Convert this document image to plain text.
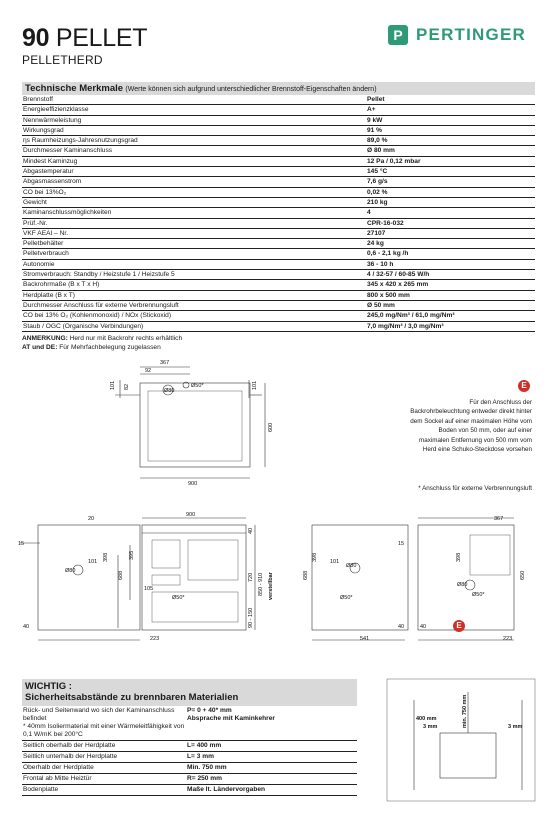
90 PELLET
PELLETHERD
P PERTINGER
Technische Merkmale (Werte können sich aufgrund unterschiedlicher Brennstoff-Eigenschaften ändern)
Brennstoff	Pellet
Energieeffizienzklasse	A+
Nennwärmeleistung	9 kW
Wirkungsgrad	91 %
ηs Raumheizungs-Jahresnutzungsgrad	89,0 %
Durchmesser Kaminanschluss	Ø 80 mm
Mindest Kaminzug	12 Pa / 0,12 mbar
Abgastemperatur	145 °C
Abgasmassenstrom	7,6 g/s
CO bei 13%O₂	0,02 %
Gewicht	210 kg
Kaminanschlussmöglichkeiten	4
Prüf.-Nr.	CPR-16-032
VKF AEAI – Nr.	27107
Pelletbehälter	24 kg
Pelletverbrauch	0,6 - 2,1 kg /h
Autonomie	36 - 10 h
Stromverbrauch: Standby / Heizstufe 1 / Heizstufe 5	4 / 32-57 / 60-85 W/h
Backrohrmaße (B x T x H)	345 x 420 x 265 mm
Herdplatte (B x T)	800 x 500 mm
Durchmesser Anschluss für externe Verbrennungsluft	Ø 50 mm
CO bei 13% O₂ (Kohlenmonoxid) / NOx (Stickoxid)	245,0 mg/Nm³ / 61,0 mg/Nm³
Staub / OGC (Organische Verbindungen)	7,0 mg/Nm³ / 3,0 mg/Nm³
ANMERKUNG: Herd nur mit Backrohr rechts erhältlich
AT und DE: Für Mehrfachbelegung zugelassen
367
92
101 82	101
600
900
Ø80
Ø50*
900
40
720 850 - 910
90 - 150
verstellbar
Ø50*
20
15
101 398	395
688
Ø80
105
40
223
398
688
101
15
Ø80
Ø50*
40
541
367
398
650
Ø80
Ø50*
40
223
400 mm
3 mm	3 mm
min. 750 mm
E
E
Für den Anschluss der Backrohrbeleuchtung entweder direkt hinter dem Sockel auf einer maximalen Höhe vom Boden von 50 mm, oder auf einer maximalen Entfernung von 500 mm vom Herd eine Schuko-Steckdose vorsehen
* Anschluss für externe Verbrennungsluft
WICHTIG :
Sicherheitsabstände zu brennbaren Materialien
Rück- und Seitenwand wo sich der Kaminanschluss befindet
* 40mm Isoliermaterial mit einer Wärmeleitfähigkeit von 0,1 W/mK bei 200°C
P= 0 + 40* mm
Absprache mit Kaminkehrer
Seitlich oberhalb der Herdplatte	L= 400 mm
Seitlich unterhalb der Herdplatte	L= 3 mm
Oberhalb der Herdplatte	Min. 750 mm
Frontal ab Mitte Heiztür	R= 250 mm
Bodenplatte	Maße lt. Ländervorgaben
